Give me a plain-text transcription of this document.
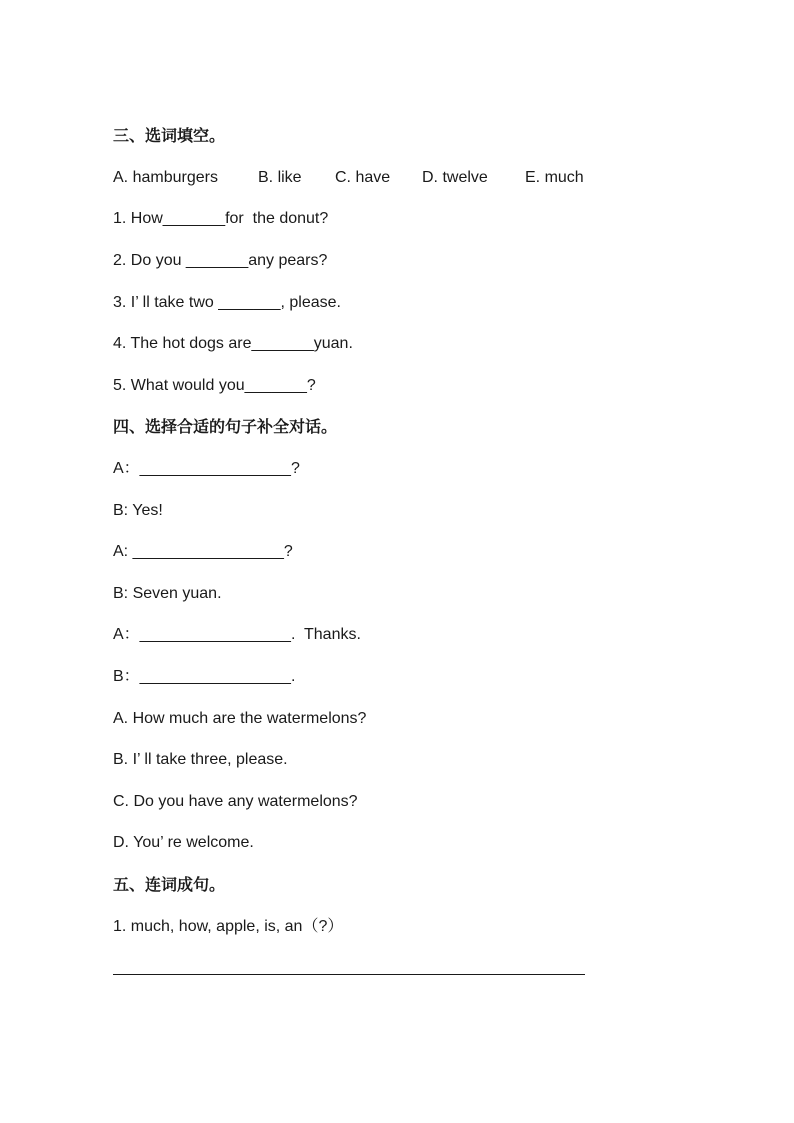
三、选词填空。
A. hamburgers	B. like	C. have	D. twelve	E. much
1. How_______for  the donut?
2. Do you _______any pears?
3. I’ ll take two _______, please.
4. The hot dogs are_______yuan.
5. What would you_______?
四、选择合适的句子补全对话。
A：_________________?
B: Yes!
A: _________________?
B: Seven yuan.
A：_________________.  Thanks.
B：_________________.
A. How much are the watermelons?
B. I’ ll take three, please.
C. Do you have any watermelons?
D. You’ re welcome.
五、连词成句。
1. much, how, apple, is, an（?）
